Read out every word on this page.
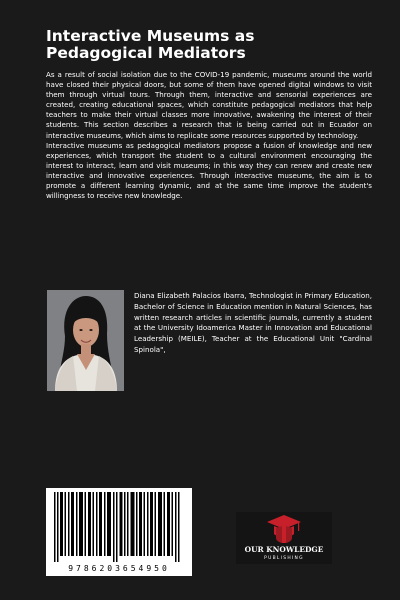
Interactive Museums as
Pedagogical Mediators

As a result of social isolation due to the COVID-19 pandemic, museums around the world have closed their physical doors, but some of them have opened digital windows to visit them through virtual tours. Through them, interactive and sensorial experiences are created, creating educational spaces, which constitute pedagogical mediators that help teachers to make their virtual classes more innovative, awakening the interest of their students. This section describes a research that is being carried out in Ecuador on interactive museums, which aims to replicate some resources supported by technology.

Interactive museums as pedagogical mediators propose a fusion of knowledge and new experiences, which transport the student to a cultural environment encouraging the interest to interact, learn and visit museums; in this way they can renew and create new interactive and innovative experiences. Through interactive museums, the aim is to promote a different learning dynamic, and at the same time improve the student's willingness to receive new knowledge.

Diana Elizabeth Palacios Ibarra, Technologist in Primary Education, Bachelor of Science in Education mention in Natural Sciences, has written research articles in scientific journals, currently a student at the University Idoamerica Master in Innovation and Educational Leadership (MEILE), Teacher at the Educational Unit "Cardinal Spinola",

9786203654950
OUR KNOWLEDGE
PUBLISHING
